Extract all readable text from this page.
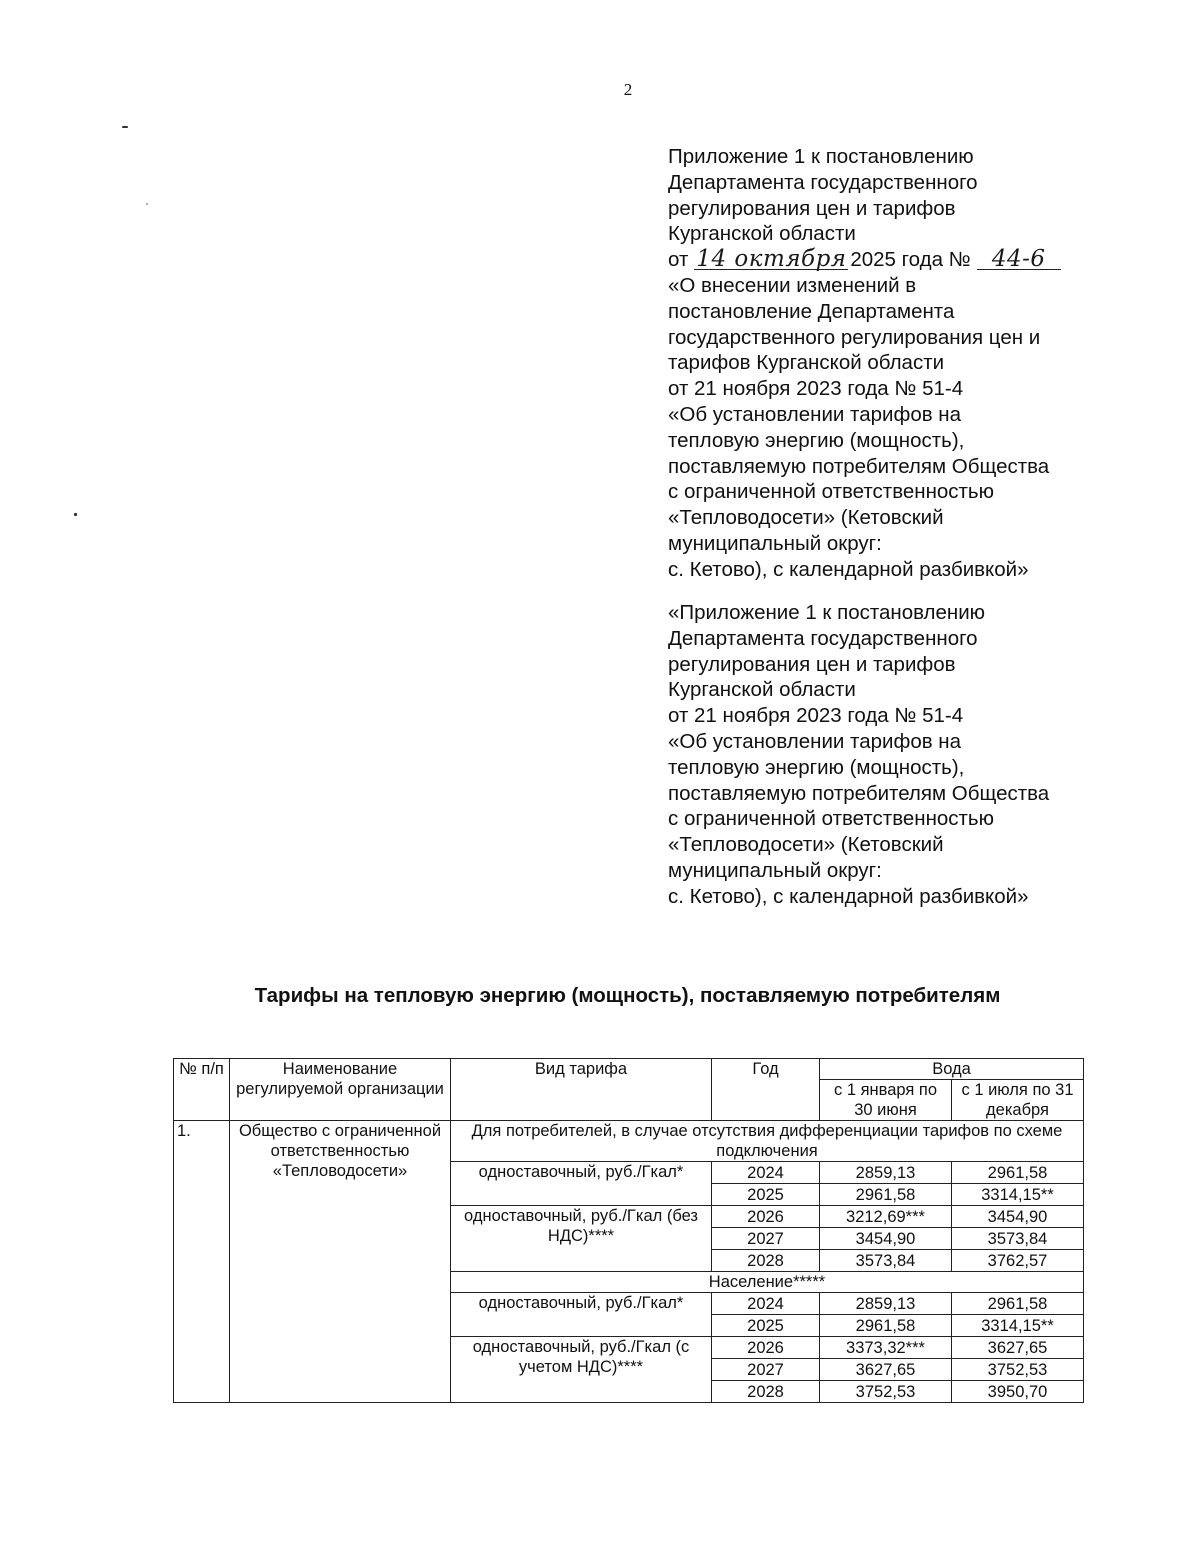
2
Приложение 1 к постановлению
Департамента государственного
регулирования цен и тарифов
Курганской области
от 14 октября 2025 года № 44-6
«О внесении изменений в
постановление Департамента
государственного регулирования цен и
тарифов Курганской области
от 21 ноября 2023 года № 51-4
«Об установлении тарифов на
тепловую энергию (мощность),
поставляемую потребителям Общества
с ограниченной ответственностью
«Тепловодосети» (Кетовский
муниципальный округ:
с. Кетово), с календарной разбивкой»
«Приложение 1 к постановлению
Департамента государственного
регулирования цен и тарифов
Курганской области
от 21 ноября 2023 года № 51-4
«Об установлении тарифов на
тепловую энергию (мощность),
поставляемую потребителям Общества
с ограниченной ответственностью
«Тепловодосети» (Кетовский
муниципальный округ:
с. Кетово), с календарной разбивкой»
Тарифы на тепловую энергию (мощность), поставляемую потребителям
№ п/п	Наименование регулируемой организации	Вид тарифа	Год	Вода	
				с 1 января по 30 июня	с 1 июля по 31 декабря
1.	Общество с ограниченной ответственностью «Тепловодосети»	Для потребителей, в случае отсутствия дифференциации тарифов по схеме подключения			
		одноставочный, руб./Гкал*	2024	2859,13	2961,58
			2025	2961,58	3314,15**
		одноставочный, руб./Гкал (без НДС)****	2026	3212,69***	3454,90
			2027	3454,90	3573,84
			2028	3573,84	3762,57
		Население*****			
		одноставочный, руб./Гкал*	2024	2859,13	2961,58
			2025	2961,58	3314,15**
		одноставочный, руб./Гкал (с учетом НДС)****	2026	3373,32***	3627,65
			2027	3627,65	3752,53
			2028	3752,53	3950,70
